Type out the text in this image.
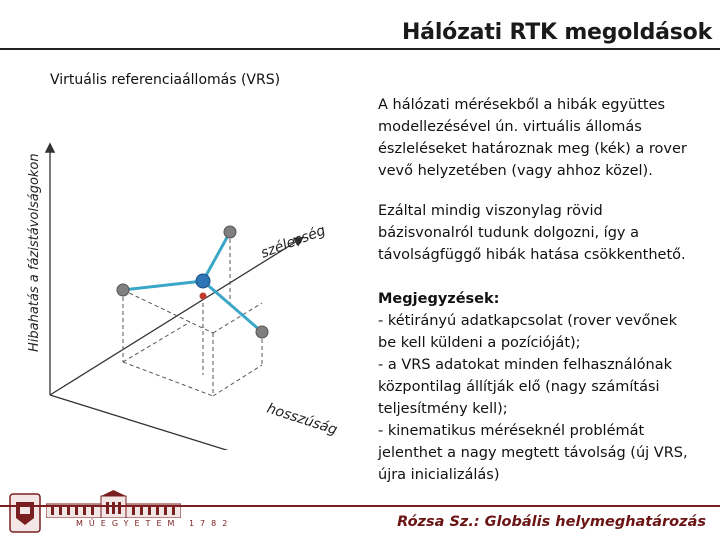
Hálózati RTK megoldások
Virtuális referenciaállomás (VRS)
Hibahatás a fázistávolságokon	szélesség
hosszúság
A hálózati mérésekből a hibák együttes
modellezésével ún. virtuális állomás
észleléseket határoznak meg (kék) a rover
vevő helyzetében (vagy ahhoz közel).
Ezáltal mindig viszonylag rövid
bázisvonalról tudunk dolgozni, így a
távolságfüggő hibák hatása csökkenthető.
Megjegyzések:
- kétirányú adatkapcsolat (rover vevőnek
be kell küldeni a pozícióját);
- a VRS adatokat minden felhasználónak
központilag állítják elő (nagy számítási
teljesítmény kell);
- kinematikus méréseknél problémát
jelenthet a nagy megtett távolság (új VRS,
újra inicializálás)
MŰEGYETEM 1782	Rózsa Sz.: Globális helymeghatározás
